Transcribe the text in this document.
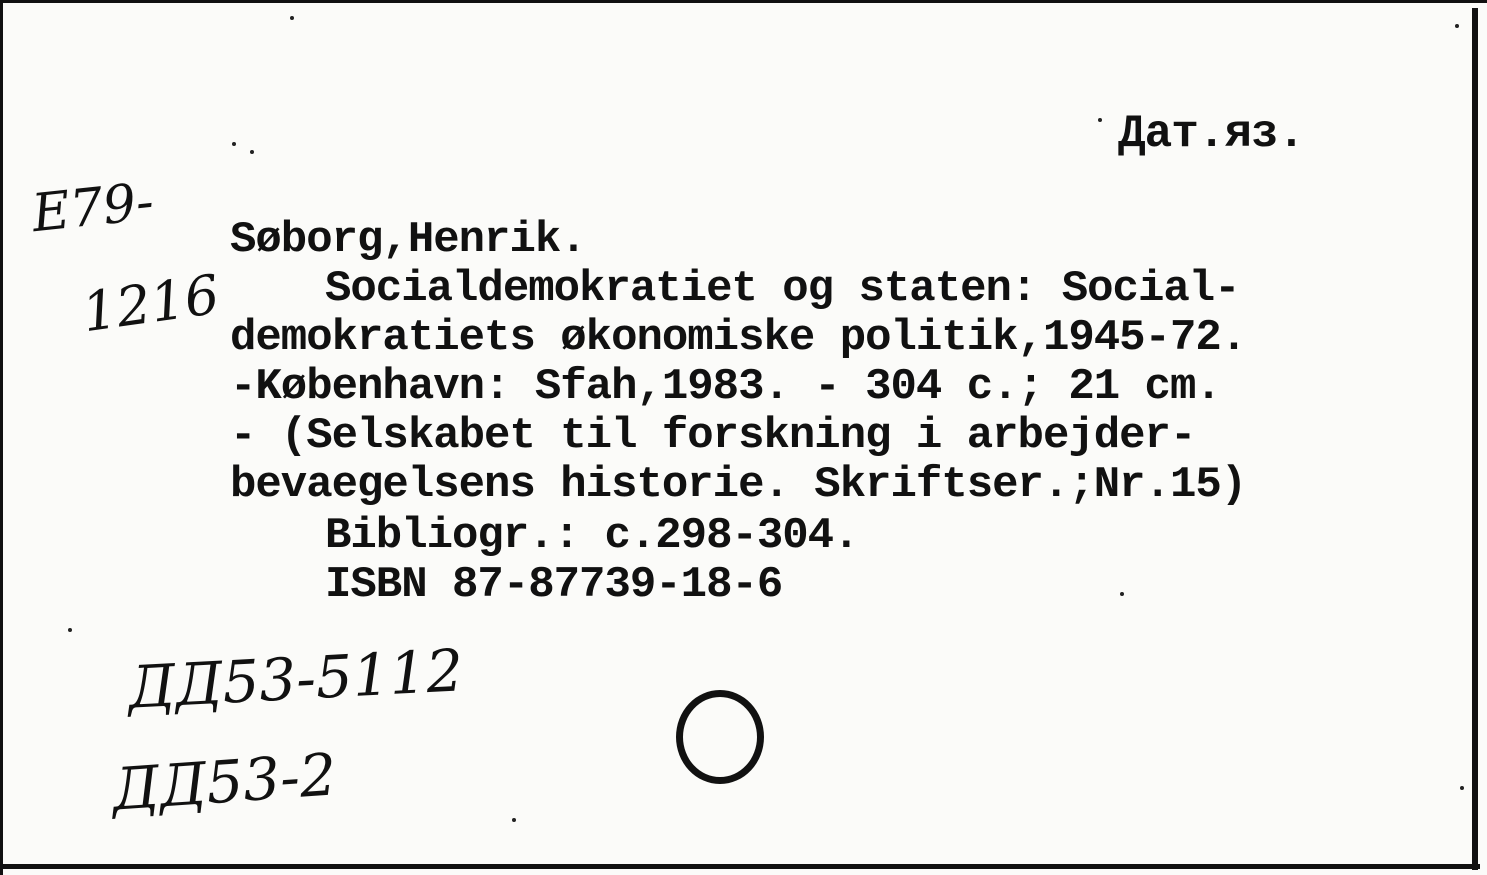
Дат.яз.
E79-
1216
Søborg,Henrik.
Socialdemokratiet og staten: Social-
demokratiets økonomiske politik,1945-72.
-København: Sfah,1983. - 304 c.; 21 cm.
- (Selskabet til forskning i arbejder-
bevaegelsens historie. Skriftser.;Nr.15)
Bibliogr.: c.298-304.
ISBN 87-87739-18-6
ДД53-5112
ДД53-2
